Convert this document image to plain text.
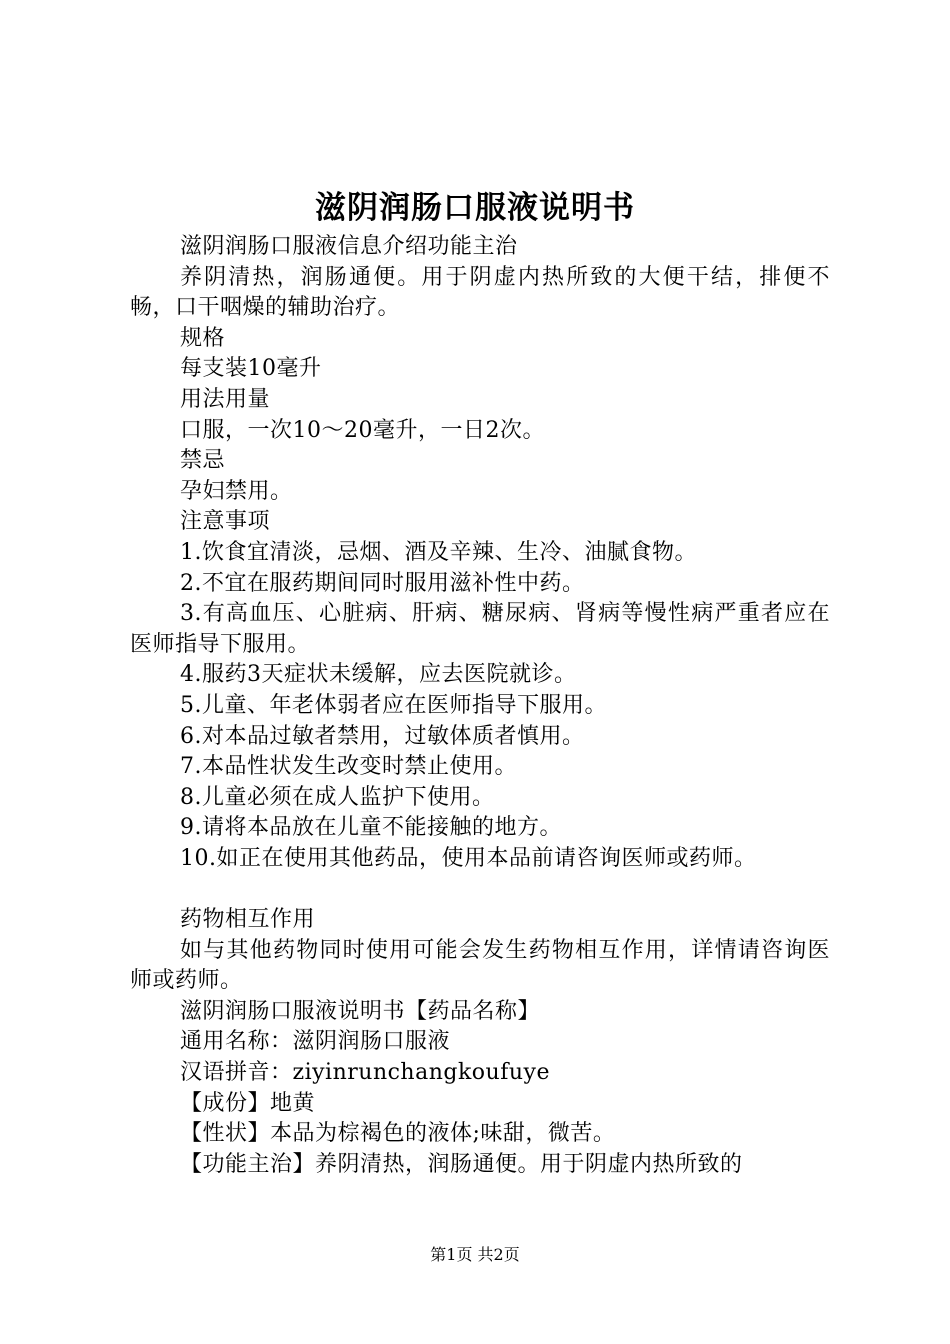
滋阴润肠口服液说明书

滋阴润肠口服液信息介绍功能主治

养阴清热，润肠通便。用于阴虚内热所致的大便干结，排便不畅，口干咽燥的辅助治疗。

规格

每支装10毫升

用法用量

口服，一次10～20毫升，一日2次。

禁忌

孕妇禁用。

注意事项

1.饮食宜清淡，忌烟、酒及辛辣、生冷、油腻食物。

2.不宜在服药期间同时服用滋补性中药。

3.有高血压、心脏病、肝病、糖尿病、肾病等慢性病严重者应在医师指导下服用。

4.服药3天症状未缓解，应去医院就诊。

5.儿童、年老体弱者应在医师指导下服用。

6.对本品过敏者禁用，过敏体质者慎用。

7.本品性状发生改变时禁止使用。

8.儿童必须在成人监护下使用。

9.请将本品放在儿童不能接触的地方。

10.如正在使用其他药品，使用本品前请咨询医师或药师。

药物相互作用

如与其他药物同时使用可能会发生药物相互作用，详情请咨询医师或药师。

滋阴润肠口服液说明书【药品名称】

通用名称：滋阴润肠口服液

汉语拼音：ziyinrunchangkoufuye

【成份】地黄

【性状】本品为棕褐色的液体;味甜，微苦。

【功能主治】养阴清热，润肠通便。用于阴虚内热所致的

第1页 共2页
